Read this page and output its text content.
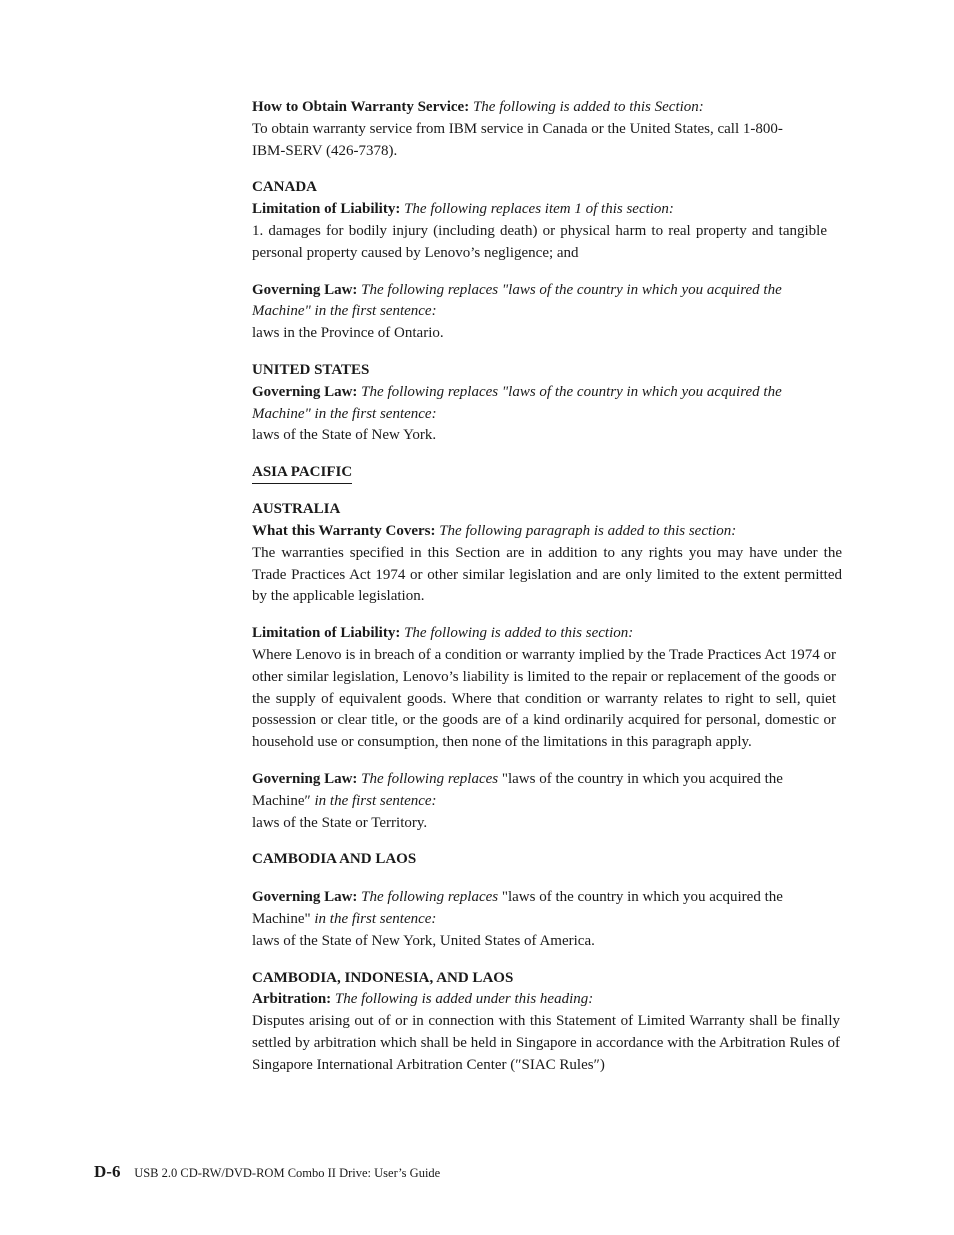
How to Obtain Warranty Service: The following is added to this Section:
To obtain warranty service from IBM service in Canada or the United States, call 1-800-IBM-SERV (426-7378).
CANADA
Limitation of Liability: The following replaces item 1 of this section:
1. damages for bodily injury (including death) or physical harm to real property and tangible personal property caused by Lenovo’s negligence; and
Governing Law: The following replaces "laws of the country in which you acquired the Machine" in the first sentence:
laws in the Province of Ontario.
UNITED STATES
Governing Law: The following replaces "laws of the country in which you acquired the Machine" in the first sentence:
laws of the State of New York.
ASIA PACIFIC
AUSTRALIA
What this Warranty Covers: The following paragraph is added to this section:
The warranties specified in this Section are in addition to any rights you may have under the Trade Practices Act 1974 or other similar legislation and are only limited to the extent permitted by the applicable legislation.
Limitation of Liability: The following is added to this section:
Where Lenovo is in breach of a condition or warranty implied by the Trade Practices Act 1974 or other similar legislation, Lenovo’s liability is limited to the repair or replacement of the goods or the supply of equivalent goods. Where that condition or warranty relates to right to sell, quiet possession or clear title, or the goods are of a kind ordinarily acquired for personal, domestic or household use or consumption, then none of the limitations in this paragraph apply.
Governing Law: The following replaces "laws of the country in which you acquired the Machine″ in the first sentence:
laws of the State or Territory.
CAMBODIA AND LAOS
Governing Law: The following replaces "laws of the country in which you acquired the Machine" in the first sentence:
laws of the State of New York, United States of America.
CAMBODIA, INDONESIA, AND LAOS
Arbitration: The following is added under this heading:
Disputes arising out of or in connection with this Statement of Limited Warranty shall be finally settled by arbitration which shall be held in Singapore in accordance with the Arbitration Rules of Singapore International Arbitration Center (″SIAC Rules″)
D-6 USB 2.0 CD-RW/DVD-ROM Combo II Drive: User’s Guide
